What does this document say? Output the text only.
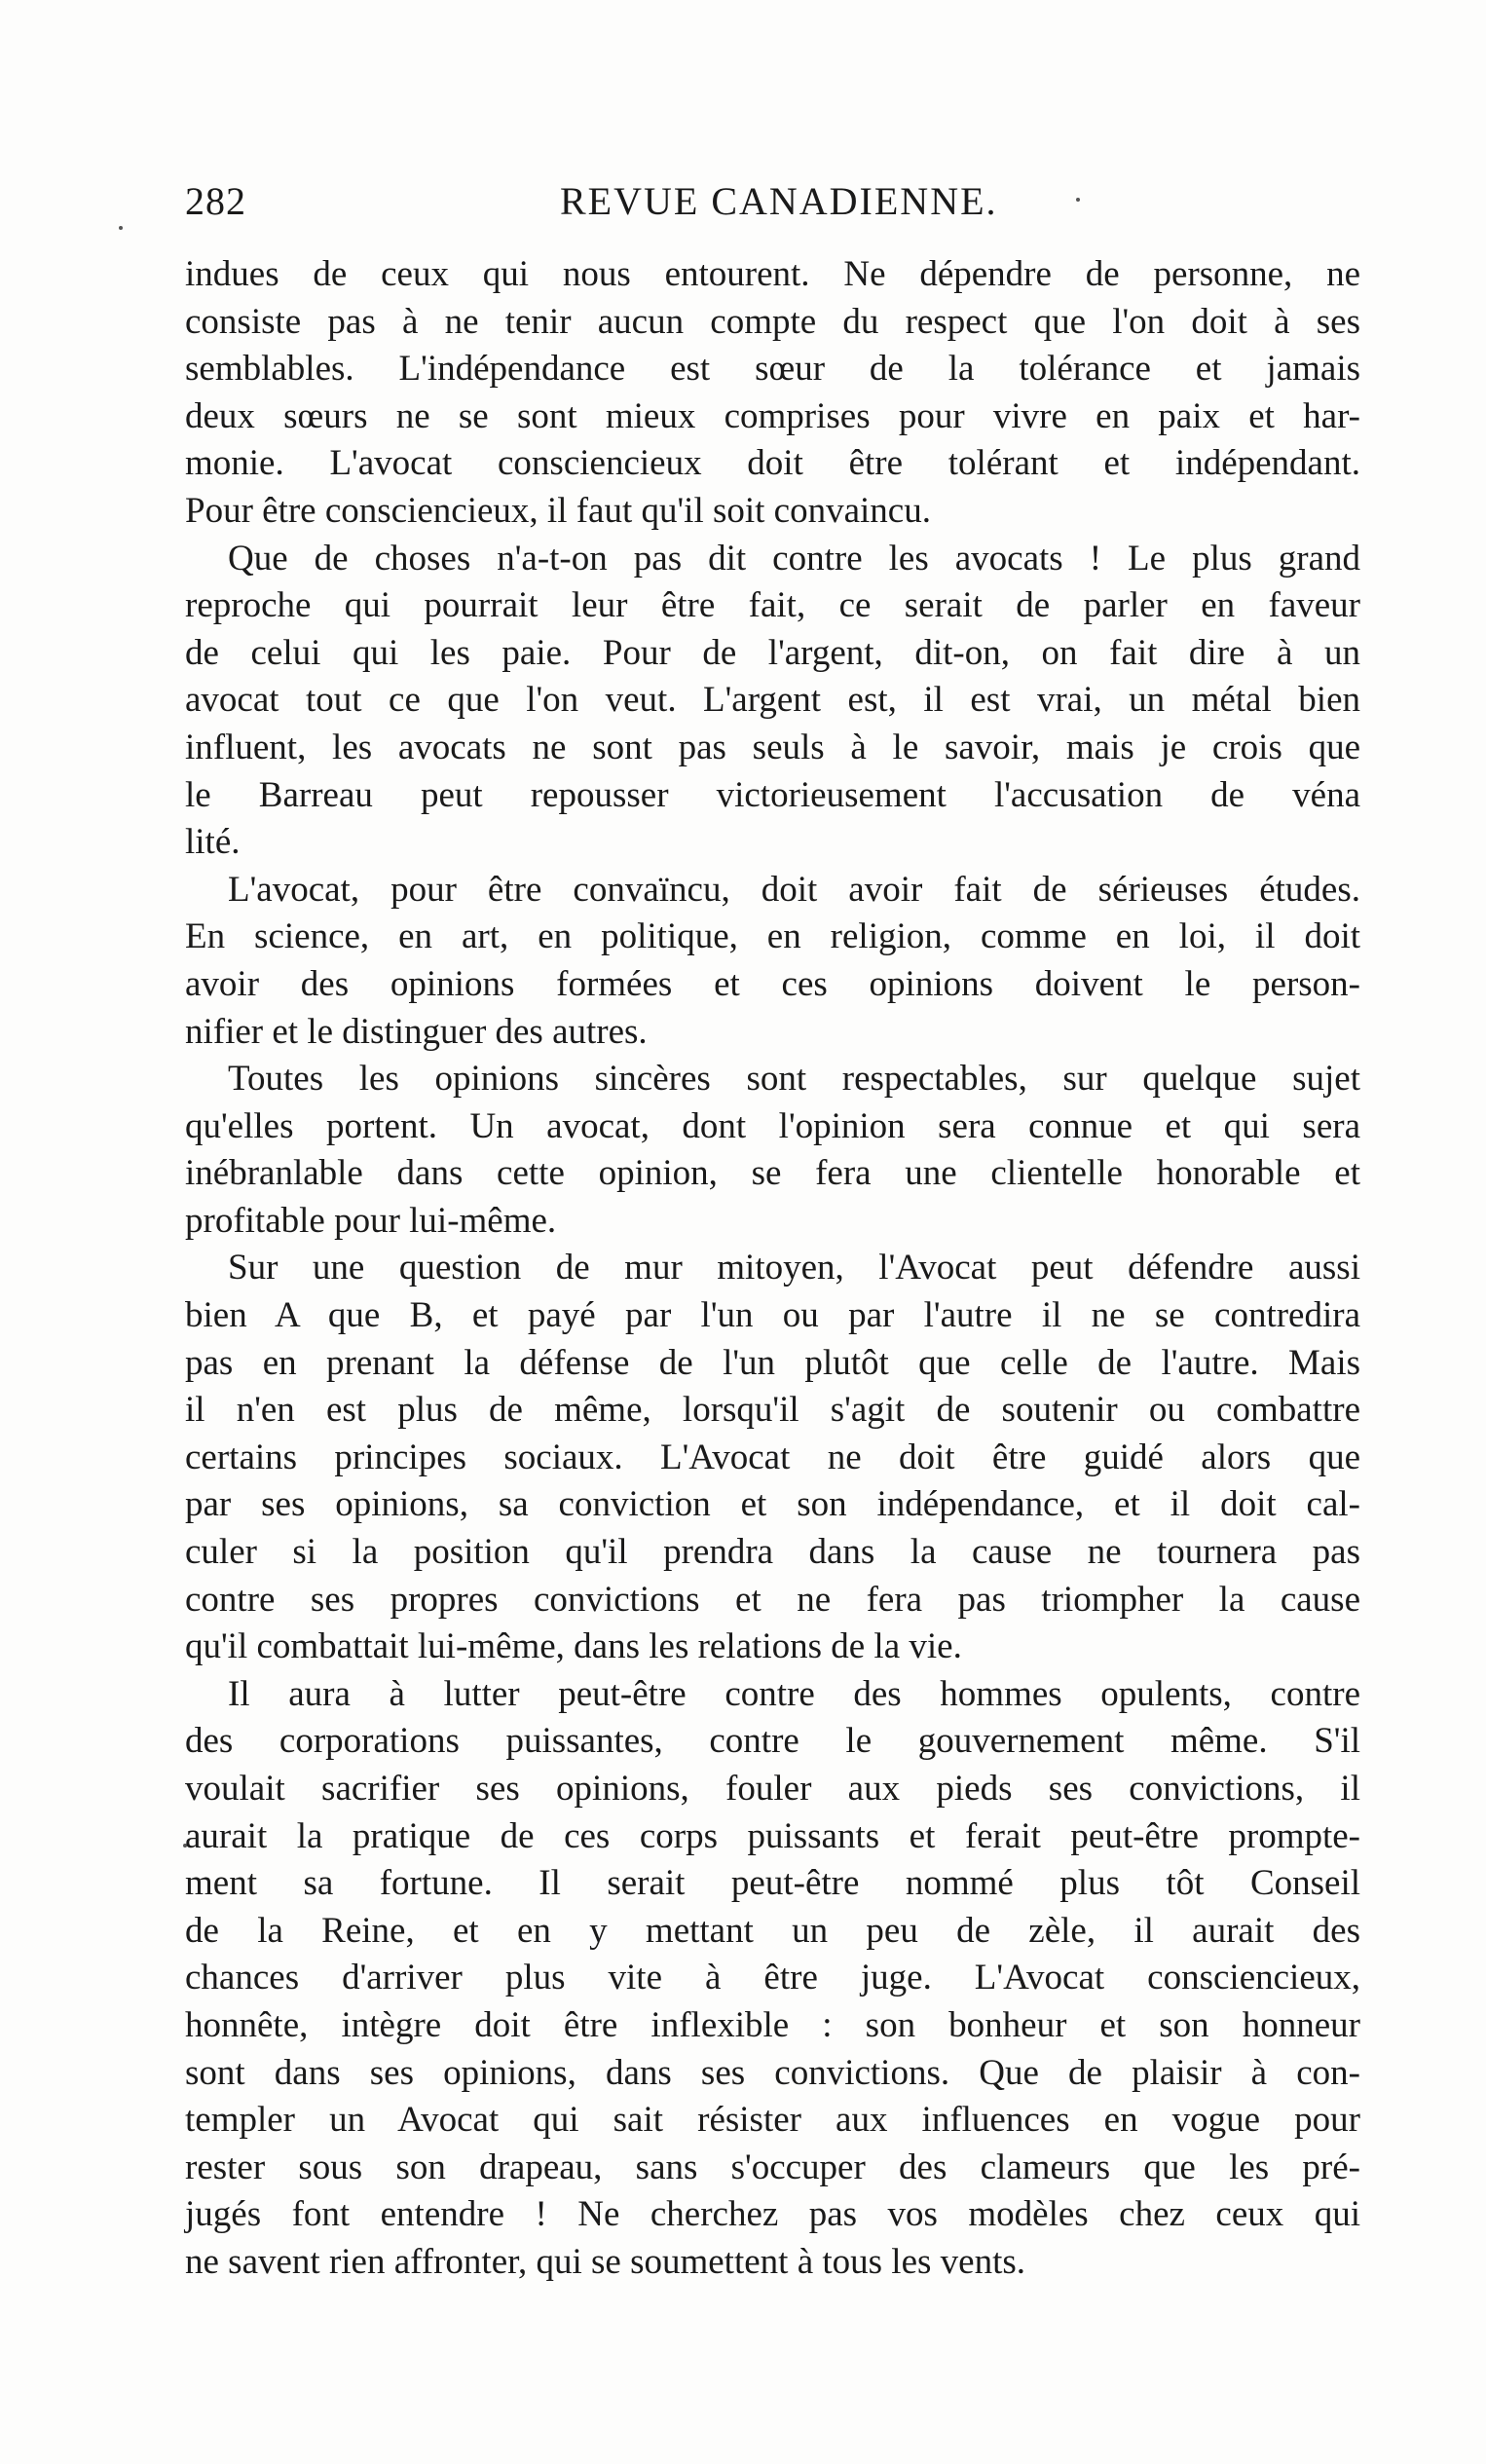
282	REVUE CANADIENNE.
indues de ceux qui nous entourent. Ne dépendre de personne, ne
consiste pas à ne tenir aucun compte du respect que l'on doit à ses
semblables. L'indépendance est sœur de la tolérance et jamais
deux sœurs ne se sont mieux comprises pour vivre en paix et har-
monie. L'avocat consciencieux doit être tolérant et indépendant.
Pour être consciencieux, il faut qu'il soit convaincu.
Que de choses n'a-t-on pas dit contre les avocats ! Le plus grand
reproche qui pourrait leur être fait, ce serait de parler en faveur
de celui qui les paie. Pour de l'argent, dit-on, on fait dire à un
avocat tout ce que l'on veut. L'argent est, il est vrai, un métal bien
influent, les avocats ne sont pas seuls à le savoir, mais je crois que
le Barreau peut repousser victorieusement l'accusation de véna
lité.
L'avocat, pour être convaïncu, doit avoir fait de sérieuses études.
En science, en art, en politique, en religion, comme en loi, il doit
avoir des opinions formées et ces opinions doivent le person-
nifier et le distinguer des autres.
Toutes les opinions sincères sont respectables, sur quelque sujet
qu'elles portent. Un avocat, dont l'opinion sera connue et qui sera
inébranlable dans cette opinion, se fera une clientelle honorable et
profitable pour lui-même.
Sur une question de mur mitoyen, l'Avocat peut défendre aussi
bien A que B, et payé par l'un ou par l'autre il ne se contredira
pas en prenant la défense de l'un plutôt que celle de l'autre. Mais
il n'en est plus de même, lorsqu'il s'agit de soutenir ou combattre
certains principes sociaux. L'Avocat ne doit être guidé alors que
par ses opinions, sa conviction et son indépendance, et il doit cal-
culer si la position qu'il prendra dans la cause ne tournera pas
contre ses propres convictions et ne fera pas triompher la cause
qu'il combattait lui-même, dans les relations de la vie.
Il aura à lutter peut-être contre des hommes opulents, contre
des corporations puissantes, contre le gouvernement même. S'il
voulait sacrifier ses opinions, fouler aux pieds ses convictions, il
aurait la pratique de ces corps puissants et ferait peut-être prompte-
ment sa fortune. Il serait peut-être nommé plus tôt Conseil
de la Reine, et en y mettant un peu de zèle, il aurait des
chances d'arriver plus vite à être juge. L'Avocat consciencieux,
honnête, intègre doit être inflexible : son bonheur et son honneur
sont dans ses opinions, dans ses convictions. Que de plaisir à con-
templer un Avocat qui sait résister aux influences en vogue pour
rester sous son drapeau, sans s'occuper des clameurs que les pré-
jugés font entendre ! Ne cherchez pas vos modèles chez ceux qui
ne savent rien affronter, qui se soumettent à tous les vents.
